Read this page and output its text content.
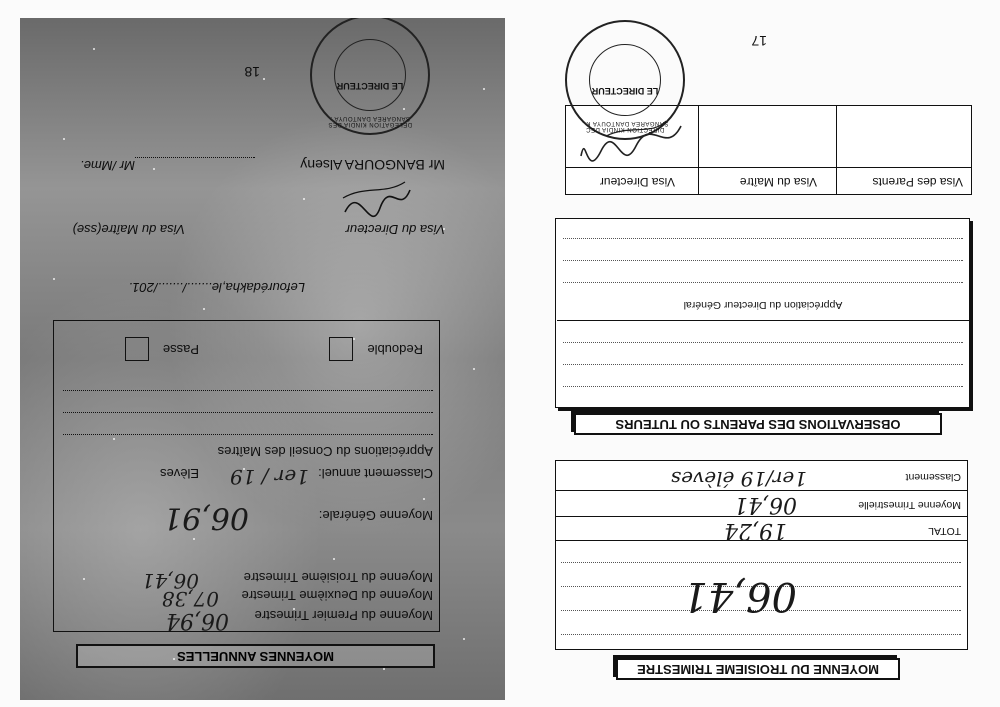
17
Visa des Parents
Visa du Maître
Visa Directeur
LE DIRECTEUR
DIRECTION KINDIA DEC SANGAREA DANTOUYA K .
Appréciation du Directeur Général
OBSERVATIONS DES PARENTS OU TUTEURS
TOTAL
19,24
Moyenne Trimestrielle
06,41
Classement
1er/19 élèves
06,41
MOYENNE DU TROISIEME TRIMESTRE
MOYENNES ANNUELLES
Moyenne du Premier Trimestre
06,94
Moyenne du Deuxième Trimestre
07,38
Moyenne du Troisième Trimestre
06,41
Moyenne Générale:
06,91
Classement annuel:
1er / 19
Elèves
Appréciations du Conseil des Maîtres
Redouble
Passe
Lefourédakha,le......./......./201.
Visa du Maître(sse)	Visa du Directeur
Mr BANGOURA Alseny
Mr /Mme.
18
LE DIRECTEUR
DELEGATION KINDIA DES SANGAREA DANTOUYA .
